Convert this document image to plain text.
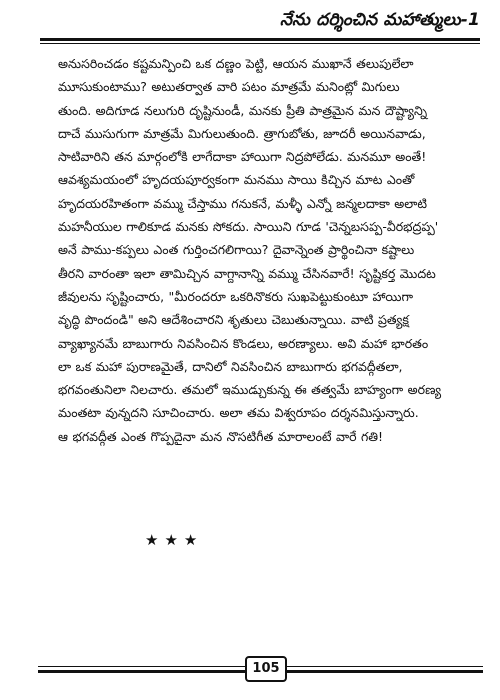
నేను దర్శించిన మహాత్ములు-1
అనుసరించడం కష్టమన్పించి ఒక దణ్ణం పెట్టి, ఆయన ముఖానే తలుపులేలా
మూసుకుంటాము? అటుతర్వాత వారి పటం మాత్రమే మనింట్లో మిగులు
తుంది. అదిగూడ నలుగురి దృష్టినుండీ, మనకు ప్రీతి పాత్రమైన మన దౌష్ట్యాన్ని
దాచే ముసుగుగా మాత్రమే మిగులుతుంది. త్రాగుబోతు, జూదరీ అయినవాడు,
సాటివారిని తన మార్గంలోకి లాగేదాకా హాయిగా నిద్రపోలేడు. మనమూ అంతే!
ఆవశ్యమయంలో హృదయపూర్వకంగా మనము సాయి కిచ్చిన మాట ఎంతో
హృదయరహితంగా వమ్ము చేస్తాము గనుకనే, మళ్ళీ ఎన్నో జన్మలదాకా అలాటి
మహనీయుల గాలికూడ మనకు సోకదు. సాయిని గూడ 'చెన్నబసప్ప-వీరభద్రప్ప'
అనే పాము-కప్పలు ఎంత గుర్తించగలిగాయి? దైవాన్నెంత ప్రార్థించినా కష్టాలు
తీరని వారంతా ఇలా తామిచ్చిన వాగ్దానాన్ని వమ్ము చేసినవారే! సృష్టికర్త మొదట
జీవులను సృష్టించారు, "మీరందరూ ఒకరినొకరు సుఖపెట్టుకుంటూ హాయిగా
వృద్ధి పొందండి" అని ఆదేశించారని శృతులు చెబుతున్నాయి. వాటి ప్రత్యక్ష
వ్యాఖ్యానమే బాబుగారు నివసించిన కొండలు, అరణ్యాలు. అవి మహా భారతం
లా ఒక మహా పురాణమైతే, దానిలో నివసించిన బాబుగారు భగవద్గీతలా,
భగవంతునిలా నిలచారు. తమలో ఇముడ్చుకున్న ఈ తత్వమే బాహ్యంగా అరణ్య
మంతటా వున్నదని సూచించారు. అలా తమ విశ్వరూపం దర్శనమిస్తున్నారు.
ఆ భగవద్గీత ఎంత గొప్పదైనా మన నొసటిగీత మారాలంటే వారే గతి!
★★★
105
